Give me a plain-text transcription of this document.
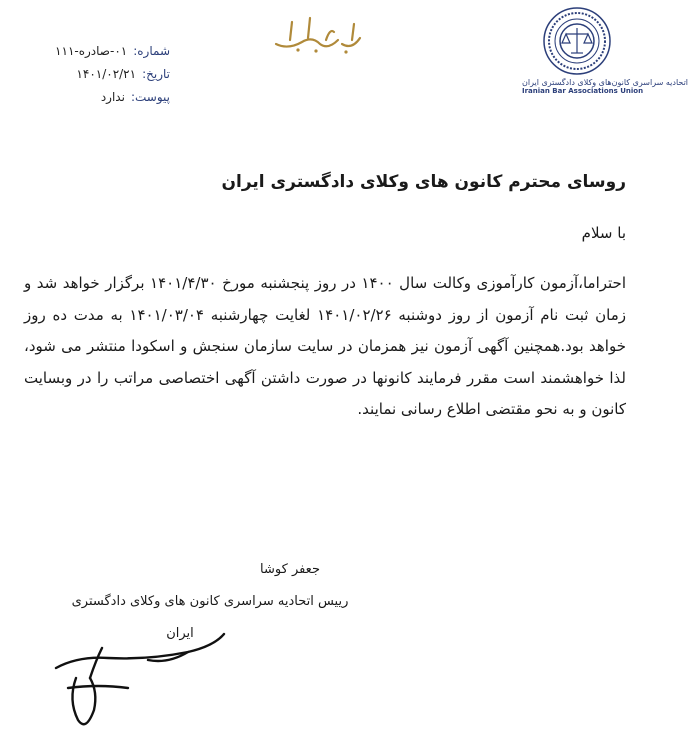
اتحادیه سراسری کانون‌های وکلای دادگستری ایران
Iranian Bar Associations Union
شماره:
۰۱-صادره-۱۱۱
تاریخ:
۱۴۰۱/۰۲/۲۱
پیوست:
ندارد
روسای محترم کانون های وکلای دادگستری ایران
با سلام
احتراما،آزمون کارآموزی وکالت سال ۱۴۰۰ در روز پنجشنبه مورخ ۱۴۰۱/۴/۳۰ برگزار خواهد شد و زمان ثبت نام آزمون از روز دوشنبه ۱۴۰۱/۰۲/۲۶ لغایت چهارشنبه ۱۴۰۱/۰۳/۰۴ به مدت ده روز خواهد بود.همچنین آگهی آزمون نیز همزمان در سایت سازمان سنجش و اسکودا منتشر می شود، لذا خواهشمند است مقرر فرمایند کانونها در صورت داشتن آگهی اختصاصی مراتب را در وبسایت کانون و به نحو مقتضی اطلاع رسانی نمایند.
جعفر کوشا
رییس اتحادیه سراسری کانون های وکلای دادگستری
ایران
